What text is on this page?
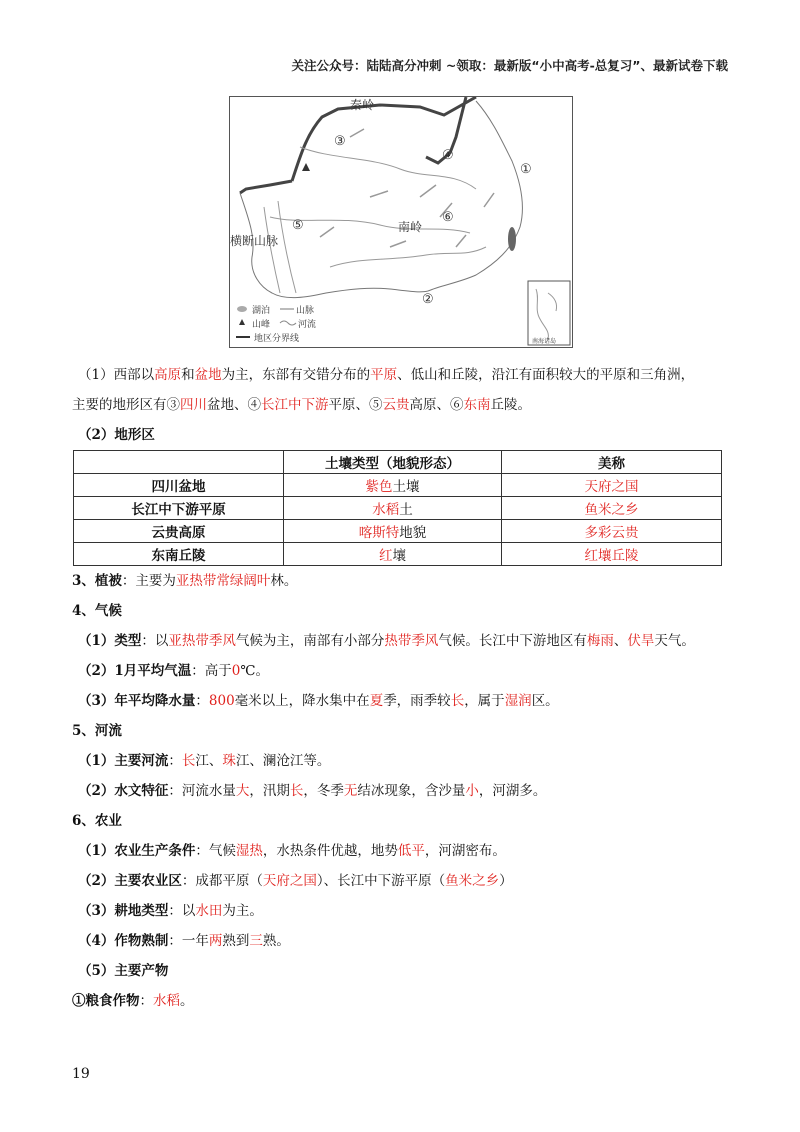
关注公众号：陆陆高分冲刺 ~领取：最新版“小中高考-总复习”、最新试卷下载
秦岭
南岭
横断山脉
③
④
①
⑤
⑥
②
湖泊	山脉
山峰	河流
地区分界线	南海诸岛
（1）西部以高原和盆地为主，东部有交错分布的平原、低山和丘陵，沿江有面积较大的平原和三角洲，
主要的地形区有③四川盆地、④长江中下游平原、⑤云贵高原、⑥东南丘陵。
（2）地形区
	土壤类型（地貌形态）	美称
四川盆地	紫色土壤	天府之国
长江中下游平原	水稻土	鱼米之乡
云贵高原	喀斯特地貌	多彩云贵
东南丘陵	红壤	红壤丘陵
3、植被：主要为亚热带常绿阔叶林。
4、气候
（1）类型：以亚热带季风气候为主，南部有小部分热带季风气候。长江中下游地区有梅雨、伏旱天气。
（2）1月平均气温：高于0℃。
（3）年平均降水量：800毫米以上，降水集中在夏季，雨季较长，属于湿润区。
5、河流
（1）主要河流：长江、珠江、澜沧江等。
（2）水文特征：河流水量大，汛期长，冬季无结冰现象，含沙量小，河湖多。
6、农业
（1）农业生产条件：气候湿热，水热条件优越，地势低平，河湖密布。
（2）主要农业区：成都平原（天府之国）、长江中下游平原（鱼米之乡）
（3）耕地类型：以水田为主。
（4）作物熟制：一年两熟到三熟。
（5）主要产物
①粮食作物：水稻。
19
